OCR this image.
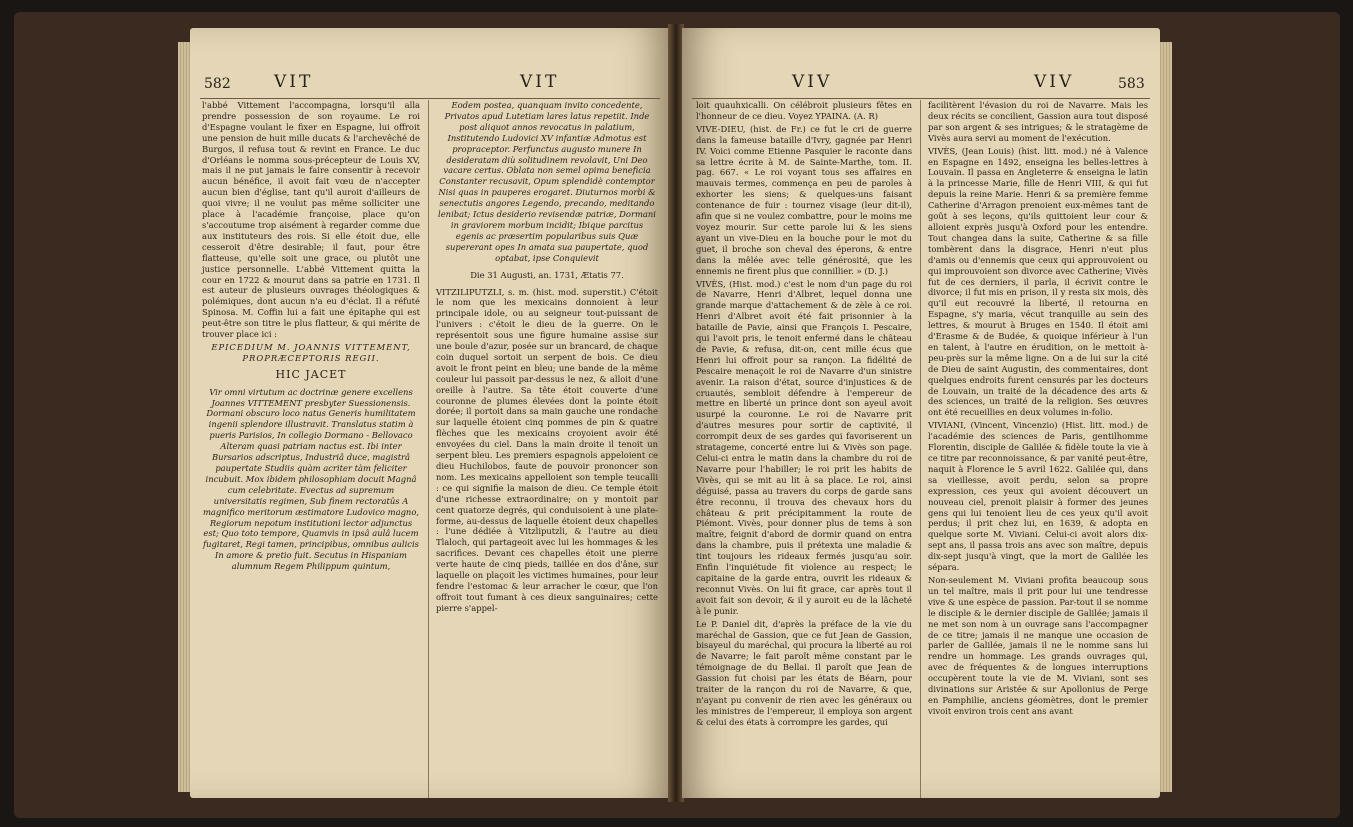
582	VIT	VIT

l'abbé Vittement l'accompagna, lorsqu'il alla prendre possession de son royaume. Le roi d'Espagne voulant le fixer en Espagne, lui offroit une pension de huit mille ducats & l'archevêché de Burgos, il refusa tout & revint en France. Le duc d'Orléans le nomma sous-précepteur de Louis XV, mais il ne put jamais le faire consentir à recevoir aucun bénéfice, il avoit fait vœu de n'accepter aucun bien d'église, tant qu'il auroit d'ailleurs de quoi vivre; il ne voulut pas même solliciter une place à l'académie françoise, place qu'on s'accoutume trop aisément à regarder comme due aux instituteurs des rois. Si elle étoit due, elle cesseroit d'être desirable; il faut, pour être flatteuse, qu'elle soit une grace, ou plutôt une justice personnelle. L'abbé Vittement quitta la cour en 1722 & mourut dans sa patrie en 1731. Il est auteur de plusieurs ouvrages théologiques & polémiques, dont aucun n'a eu d'éclat. Il a réfuté Spinosa. M. Coffin lui a fait une épitaphe qui est peut-être son titre le plus flatteur, & qui mérite de trouver place ici :

EPICEDIUM M. JOANNIS VITTEMENT, PROPRÆCEPTORIS REGII.

HIC JACET

Vir omni virtutum ac doctrinæ genere excellens Joannes VITTEMENT presbyter Suessionensis. Dormani obscuro loco natus Generis humilitatem ingenii splendore illustravit. Translatus statim à pueris Parisios, In collegio Dormano - Bellovaco Alteram quasi patriam nactus est. Ibi inter Bursarios adscriptus, Industriâ duce, magistrâ paupertate Studiis quàm acriter tàm feliciter incubuit. Mox ibidem philosophiam docuit Magnâ cum celebritate. Evectus ad supremum universitatis regimen, Sub finem rectoratûs A magnifico meritorum æstimatore Ludovico magno, Regiorum nepotum institutioni lector adjunctus est; Quo toto tempore, Quamvis in ipsâ aulâ lucem fugitaret, Regi tamen, principibus, omnibus aulicis In amore & pretio fuit. Secutus in Hispaniam alumnum Regem Philippum quintum,

Eodem postea, quanquam invito concedente, Privatos apud Lutetiam lares latus repetiit. Inde post aliquot annos revocatus in palatium, Institutendo Ludovici XV infantiæ Admotus est propraceptor. Perfunctus augusto munere In desideratam diù solitudinem revolavit, Uni Deo vacare certus. Oblata non semel opima beneficia Constanter recusavit, Opum splendidè contemptor Nisi quas in pauperes erogaret. Diuturnos morbi & senectutis angores Legendo, precando, meditando lenibat; Ictus desiderio revisendæ patriæ, Dormani in graviorem morbum incidit; Ibique parcitus egenis ac præsertim popularibus suis Quæ supererant opes In amata sua paupertate, quod optabat, ipse Conquievit

Die 31 Augusti, an. 1731, Ætatis 77.

VITZILIPUTZLI, s. m. (hist. mod. superstit.) C'étoit le nom que les mexicains donnoient à leur principale idole, ou au seigneur tout-puissant de l'univers : c'étoit le dieu de la guerre. On le représentoit sous une figure humaine assise sur une boule d'azur, posée sur un brancard, de chaque coin duquel sortoit un serpent de bois. Ce dieu avoit le front peint en bleu; une bande de la même couleur lui passoit par-dessus le nez, & alloit d'une oreille à l'autre. Sa tête étoit couverte d'une couronne de plumes élevées dont la pointe étoit dorée; il portoit dans sa main gauche une rondache sur laquelle étoient cinq pommes de pin & quatre flèches que les mexicains croyoient avoir été envoyées du ciel. Dans la main droite il tenoit un serpent bleu. Les premiers espagnols appeloient ce dieu Huchilobos, faute de pouvoir prononcer son nom. Les mexicains appelloient son temple teucalli : ce qui signifie la maison de dieu. Ce temple étoit d'une richesse extraordinaire; on y montoit par cent quatorze degrés, qui conduisoient à une plate-forme, au-dessus de laquelle étoient deux chapelles : l'une dédiée à Vitzliputzli, & l'autre au dieu Tlaloch, qui partageoit avec lui les hommages & les sacrifices. Devant ces chapelles étoit une pierre verte haute de cinq pieds, taillée en dos d'âne, sur laquelle on plaçoit les victimes humaines, pour leur fendre l'estomac & leur arracher le cœur, que l'on offroit tout fumant à ces dieux sanguinaires; cette pierre s'appel-

VIV	VIV	583

loit quauhxicalli. On célébroit plusieurs fêtes en l'honneur de ce dieu. Voyez YPAINA. (A. R)

VIVE-DIEU, (hist. de Fr.) ce fut le cri de guerre dans la fameuse bataille d'Ivry, gagnée par Henri IV. Voici comme Etienne Pasquier le raconte dans sa lettre écrite à M. de Sainte-Marthe, tom. II. pag. 667. « Le roi voyant tous ses affaires en mauvais termes, commença en peu de paroles à exhorter les siens; & quelques-uns faisant contenance de fuir : tournez visage (leur dit-il), afin que si ne voulez combattre, pour le moins me voyez mourir. Sur cette parole lui & les siens ayant un vive-Dieu en la bouche pour le mot du guet, il broche son cheval des éperons, & entre dans la mêlée avec telle générosité, que les ennemis ne firent plus que connillier. » (D. J.)

VIVÈS, (Hist. mod.) c'est le nom d'un page du roi de Navarre, Henri d'Albret, lequel donna une grande marque d'attachement & de zèle à ce roi. Henri d'Albret avoit été fait prisonnier à la bataille de Pavie, ainsi que François I. Pescaire, qui l'avoit pris, le tenoit enfermé dans le château de Pavie, & refusa, dit-on, cent mille écus que Henri lui offroit pour sa rançon. La fidélité de Pescaire menaçoit le roi de Navarre d'un sinistre avenir. La raison d'état, source d'injustices & de cruautés, sembloit défendre à l'empereur de mettre en liberté un prince dont son ayeul avoit usurpé la couronne. Le roi de Navarre prit d'autres mesures pour sortir de captivité, il corrompit deux de ses gardes qui favoriserent un stratageme, concerté entre lui & Vivès son page. Celui-ci entra le matin dans la chambre du roi de Navarre pour l'habiller; le roi prit les habits de Vivès, qui se mit au lit à sa place. Le roi, ainsi déguisé, passa au travers du corps de garde sans être reconnu, il trouva des chevaux hors du château & prit précipitamment la route de Piémont. Vivès, pour donner plus de tems à son maître, feignit d'abord de dormir quand on entra dans la chambre, puis il prétexta une maladie & tint toujours les rideaux fermés jusqu'au soir. Enfin l'inquiétude fit violence au respect; le capitaine de la garde entra, ouvrit les rideaux & reconnut Vivès. On lui fit grace, car après tout il avoit fait son devoir, & il y auroit eu de la lâcheté à le punir.

Le P. Daniel dit, d'après la préface de la vie du maréchal de Gassion, que ce fut Jean de Gassion, bisayeul du maréchal, qui procura la liberté au roi de Navarre; le fait paroît même constant par le témoignage de du Bellai. Il paroît que Jean de Gassion fut choisi par les états de Béarn, pour traiter de la rançon du roi de Navarre, & que, n'ayant pu convenir de rien avec les généraux ou les ministres de l'empereur, il employa son argent & celui des états à corrompre les gardes, qui

facilitèrent l'évasion du roi de Navarre. Mais les deux récits se concilient, Gassion aura tout disposé par son argent & ses intrigues; & le stratagème de Vivès aura servi au moment de l'exécution.

VIVÈS, (Jean Louis) (hist. litt. mod.) né à Valence en Espagne en 1492, enseigna les belles-lettres à Louvain. Il passa en Angleterre & enseigna le latin à la princesse Marie, fille de Henri VIII, & qui fut depuis la reine Marie. Henri & sa première femme Catherine d'Arragon prenoient eux-mêmes tant de goût à ses leçons, qu'ils quittoient leur cour & alloient exprès jusqu'à Oxford pour les entendre. Tout changea dans la suite, Catherine & sa fille tombèrent dans la disgrace, Henri n'eut plus d'amis ou d'ennemis que ceux qui approuvoient ou qui improuvoient son divorce avec Catherine; Vivès fut de ces derniers, il parla, il écrivit contre le divorce; il fut mis en prison, il y resta six mois, dès qu'il eut recouvré la liberté, il retourna en Espagne, s'y maria, vécut tranquille au sein des lettres, & mourut à Bruges en 1540. Il étoit ami d'Erasme & de Budée, & quoique inférieur à l'un en talent, à l'autre en érudition, on le mettoit à-peu-près sur la même ligne. On a de lui sur la cité de Dieu de saint Augustin, des commentaires, dont quelques endroits furent censurés par les docteurs de Louvain, un traité de la décadence des arts & des sciences, un traité de la religion. Ses œuvres ont été recueillies en deux volumes in-folio.

VIVIANI, (Vincent, Vincenzio) (Hist. litt. mod.) de l'académie des sciences de Paris, gentilhomme Florentin, disciple de Galilée & fidèle toute la vie à ce titre par reconnoissance, & par vanité peut-être, naquit à Florence le 5 avril 1622. Galilée qui, dans sa vieillesse, avoit perdu, selon sa propre expression, ces yeux qui avoient découvert un nouveau ciel, prenoit plaisir à former des jeunes gens qui lui tenoient lieu de ces yeux qu'il avoit perdus; il prit chez lui, en 1639, & adopta en quelque sorte M. Viviani. Celui-ci avoit alors dix-sept ans, il passa trois ans avec son maître, depuis dix-sept jusqu'à vingt, que la mort de Galilée les sépara.

Non-seulement M. Viviani profita beaucoup sous un tel maître, mais il prit pour lui une tendresse vive & une espèce de passion. Par-tout il se nomme le disciple & le dernier disciple de Galilée; jamais il ne met son nom à un ouvrage sans l'accompagner de ce titre; jamais il ne manque une occasion de parler de Galilée, jamais il ne le nomme sans lui rendre un hommage. Les grands ouvrages qui, avec de fréquentes & de longues interruptions occupèrent toute la vie de M. Viviani, sont ses divinations sur Aristée & sur Apollonius de Perge en Pamphilie, anciens géomètres, dont le premier vivoit environ trois cent ans avant
